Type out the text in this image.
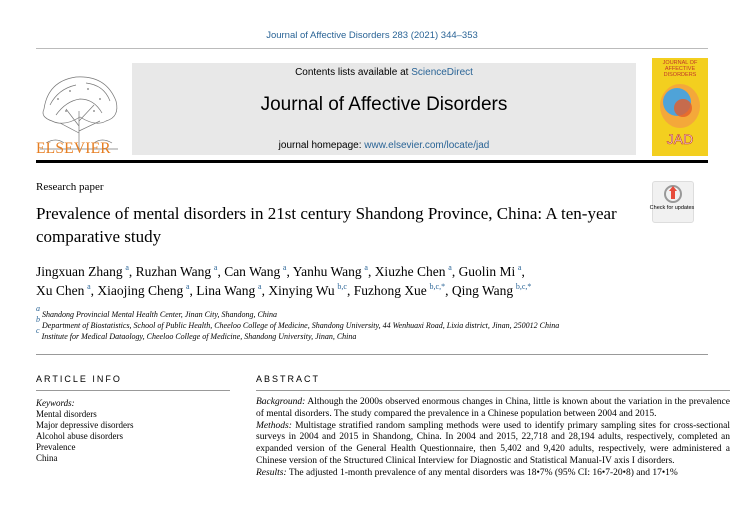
Journal of Affective Disorders 283 (2021) 344–353
ELSEVIER
Contents lists available at ScienceDirect
Journal of Affective Disorders
journal homepage: www.elsevier.com/locate/jad
JOURNAL OF AFFECTIVE DISORDERS
JAD
Research paper
Prevalence of mental disorders in 21st century Shandong Province, China: A ten-year comparative study
Check for updates
Jingxuan Zhang  $^a$, Ruzhan Wang  $^a$, Can Wang  $^a$, Yanhu Wang  $^a$, Xiuzhe Chen  $^a$, Guolin Mi  $^a$,
Xu Chen  $^a$, Xiaojing Cheng  $^a$, Lina Wang  $^a$, Xinying Wu  $^{b,c}$, Fuzhong Xue  $^{b,c,*}$, Qing Wang  $^{b,c,*}$
$^a$ Shandong Provincial Mental Health Center, Jinan City, Shandong, China
$^b$ Department of Biostatistics, School of Public Health, Cheeloo College of Medicine, Shandong University, 44 Wenhuaxi Road, Lixia district, Jinan, 250012 China
$^c$ Institute for Medical Dataology, Cheeloo College of Medicine, Shandong University, Jinan, China
ARTICLE INFO	ABSTRACT
Keywords:
Mental disorders
Major depressive disorders
Alcohol abuse disorders
Prevalence
China

Background: Although the 2000s observed enormous changes in China, little is known about the variation in the prevalence of mental disorders. The study compared the prevalence in a Chinese population between 2004 and 2015.

Methods: Multistage stratified random sampling methods were used to identify primary sampling sites for cross-sectional surveys in 2004 and 2015 in Shandong, China. In 2004 and 2015, 22,718 and 28,194 adults, respectively, completed an expanded version of the General Health Questionnaire, then 5,402 and 9,420 adults, respectively, were administered a Chinese version of the Structured Clinical Interview for Diagnostic and Statistical Manual-IV axis I disorders.

Results: The adjusted 1-month prevalence of any mental disorders was 18•7% (95% CI: 16•7-20•8) and 17•1%
